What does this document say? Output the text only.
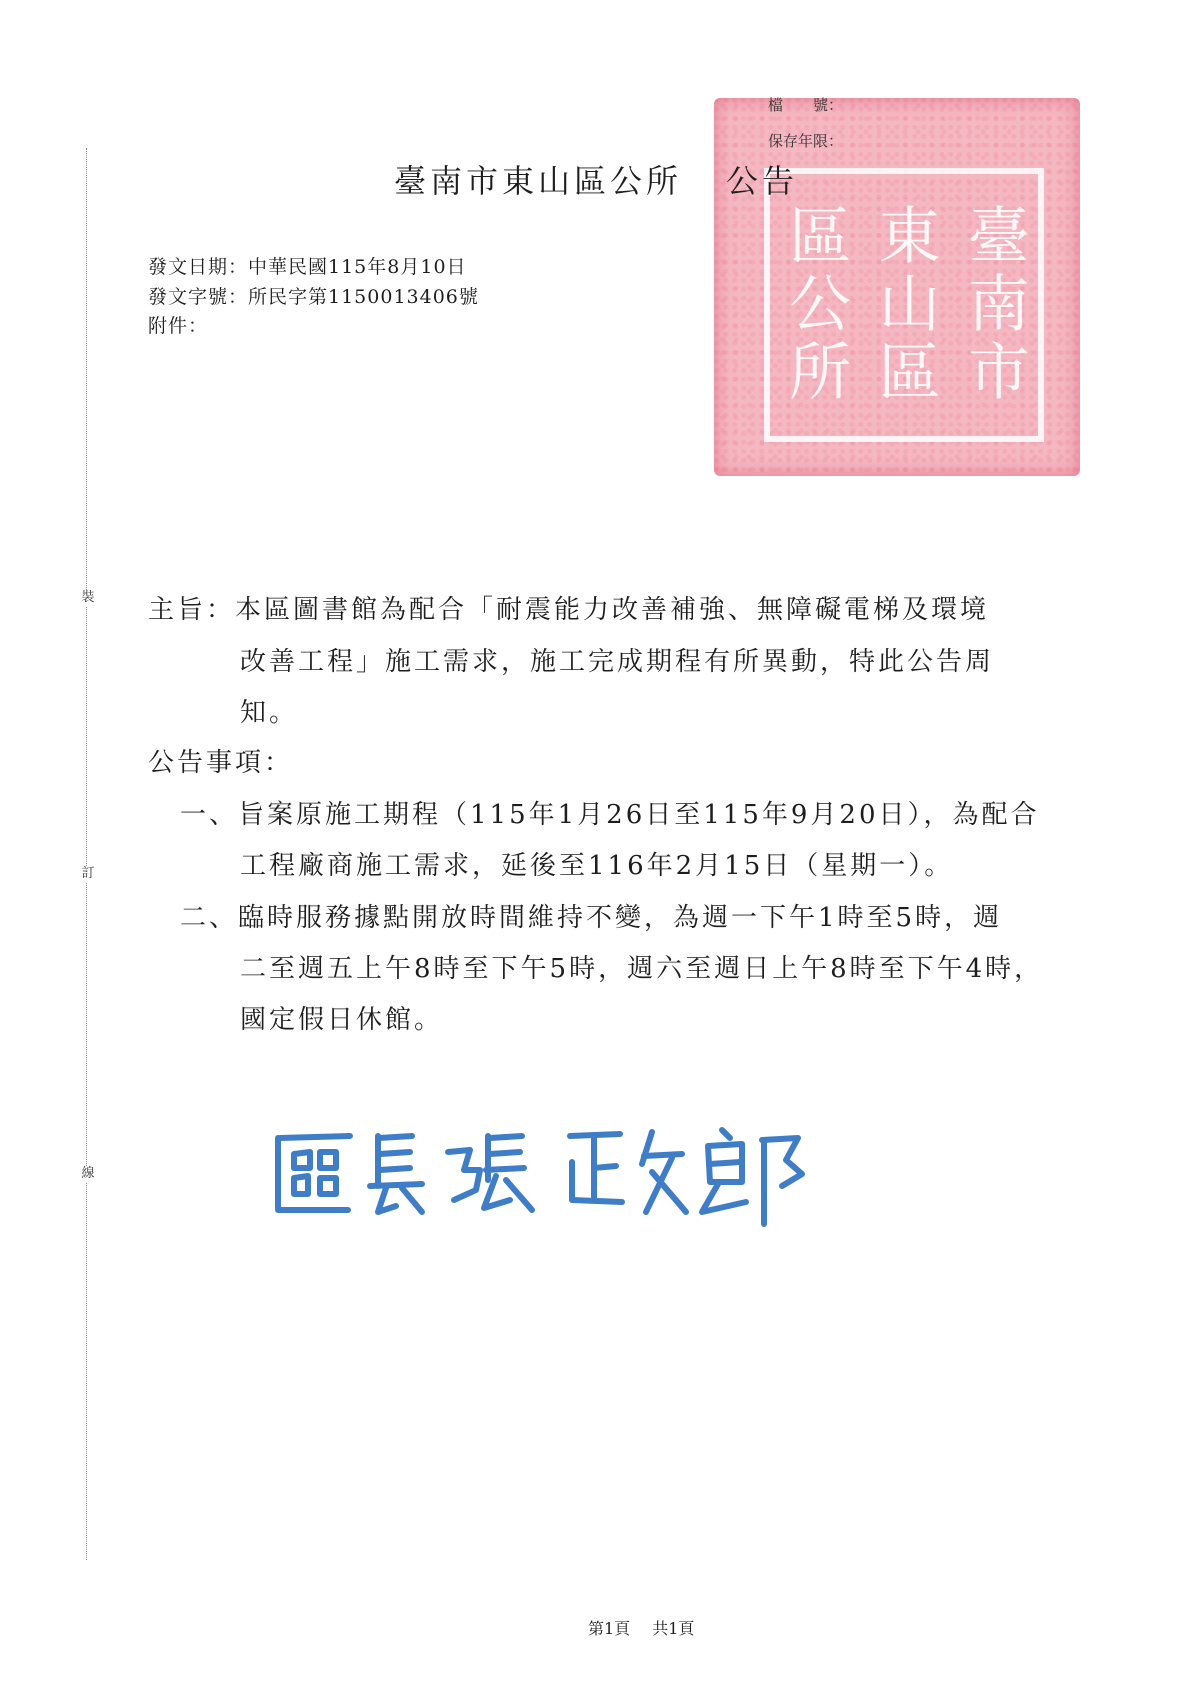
裝
訂
線
臺南市
東山區
區公所
檔　　號：
保存年限：
臺南市東山區公所 公告
發文日期：中華民國115年8月10日
發文字號：所民字第1150013406號
附件：
主旨：本區圖書館為配合「耐震能力改善補強、無障礙電梯及環境
改善工程」施工需求，施工完成期程有所異動，特此公告周
知。
公告事項：
一、旨案原施工期程（115年1月26日至115年9月20日），為配合
工程廠商施工需求，延後至116年2月15日（星期一）。
二、臨時服務據點開放時間維持不變，為週一下午1時至5時，週
二至週五上午8時至下午5時，週六至週日上午8時至下午4時，
國定假日休館。
第1頁 共1頁
